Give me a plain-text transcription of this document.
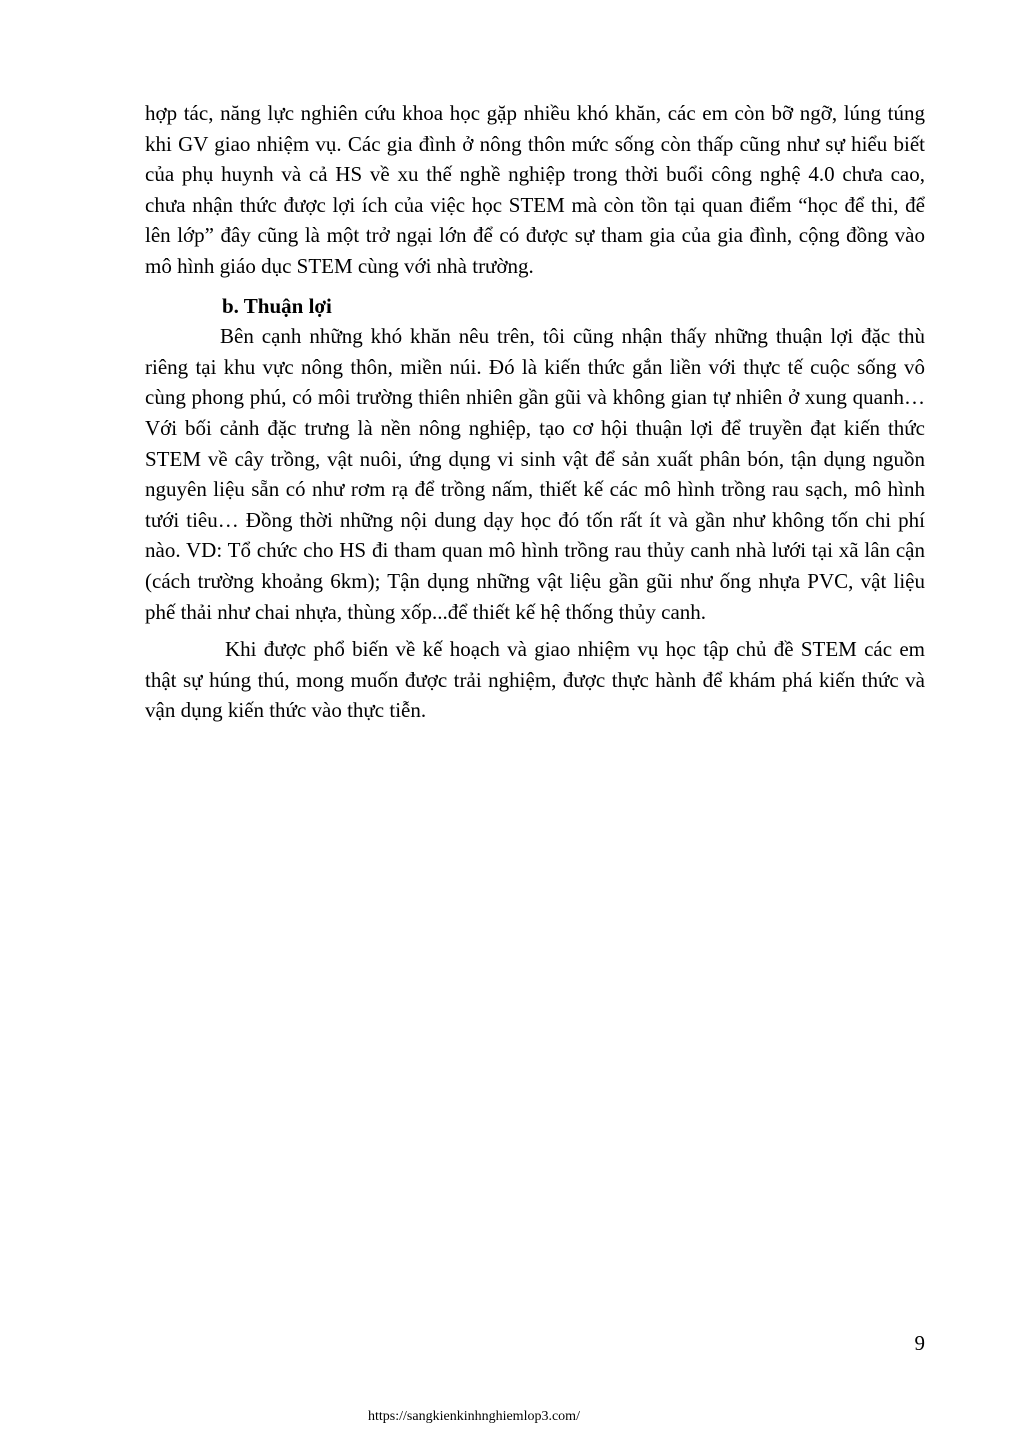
hợp tác, năng lực nghiên cứu khoa học gặp nhiều khó khăn, các em còn bỡ ngỡ, lúng túng khi GV giao nhiệm vụ. Các gia đình ở nông thôn mức sống còn thấp cũng như sự hiểu biết của phụ huynh và cả HS về xu thế nghề nghiệp trong thời buổi công nghệ 4.0 chưa cao, chưa nhận thức được lợi ích của việc học STEM mà còn tồn tại quan điểm “học để thi, để lên lớp” đây cũng là một trở ngại lớn để có được sự tham gia của gia đình, cộng đồng vào mô hình giáo dục STEM cùng với nhà trường.

b. Thuận lợi

Bên cạnh những khó khăn nêu trên, tôi cũng nhận thấy những thuận lợi đặc thù riêng tại khu vực nông thôn, miền núi. Đó là kiến thức gắn liền với thực tế cuộc sống vô cùng phong phú, có môi trường thiên nhiên gần gũi và không gian tự nhiên ở xung quanh… Với bối cảnh đặc trưng là nền nông nghiệp, tạo cơ hội thuận lợi để truyền đạt kiến thức STEM về cây trồng, vật nuôi, ứng dụng vi sinh vật để sản xuất phân bón, tận dụng nguồn nguyên liệu sẵn có như rơm rạ để trồng nấm, thiết kế các mô hình trồng rau sạch, mô hình tưới tiêu… Đồng thời những nội dung dạy học đó tốn rất ít và gần như không tốn chi phí nào. VD: Tổ chức cho HS đi tham quan mô hình trồng rau thủy canh nhà lưới tại xã lân cận (cách trường khoảng 6km); Tận dụng những vật liệu gần gũi như ống nhựa PVC, vật liệu phế thải như chai nhựa, thùng xốp...để thiết kế hệ thống thủy canh.

Khi được phổ biến về kế hoạch và giao nhiệm vụ học tập chủ đề STEM các em thật sự húng thú, mong muốn được trải nghiệm, được thực hành để khám phá kiến thức và vận dụng kiến thức vào thực tiễn.

9
https://sangkienkinhnghiemlop3.com/
